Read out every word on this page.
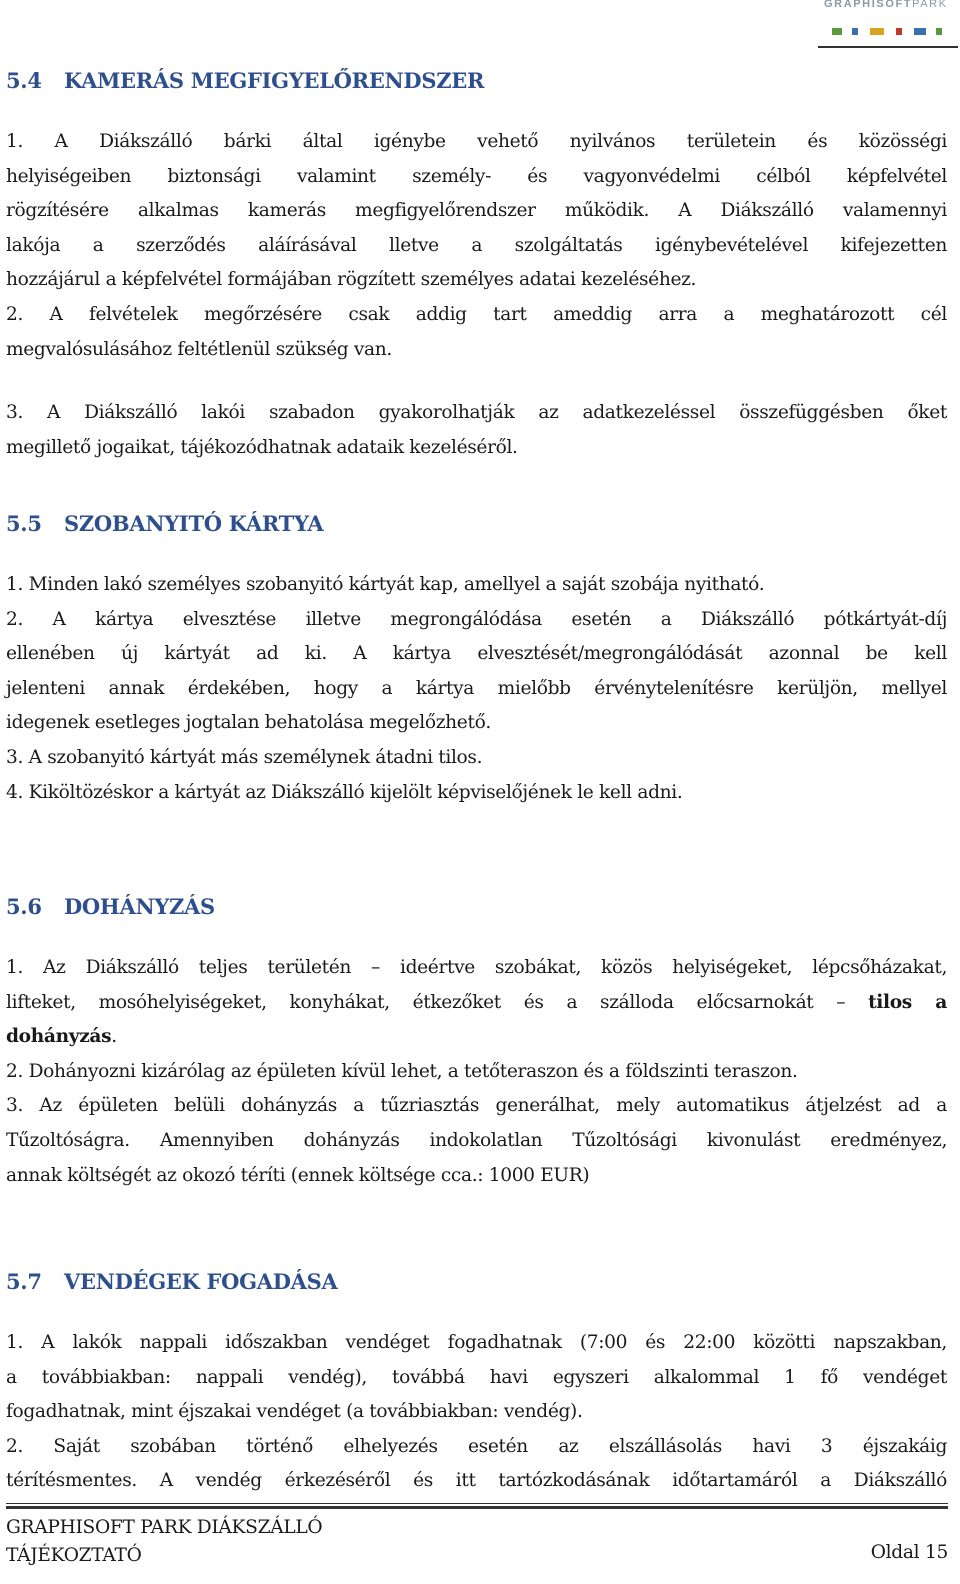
GRAPHISOFTPARK
5.4 KAMERÁS MEGFIGYELŐRENDSZER
1. A Diákszálló bárki által igénybe vehető nyilvános területein és közösségi
helyiségeiben biztonsági valamint személy- és vagyonvédelmi célból képfelvétel
rögzítésére alkalmas kamerás megfigyelőrendszer működik. A Diákszálló valamennyi
lakója a szerződés aláírásával lletve a szolgáltatás igénybevételével kifejezetten
hozzájárul a képfelvétel formájában rögzített személyes adatai kezeléséhez.
2. A felvételek megőrzésére csak addig tart ameddig arra a meghatározott cél
megvalósulásához feltétlenül szükség van.
3. A Diákszálló lakói szabadon gyakorolhatják az adatkezeléssel összefüggésben őket
megillető jogaikat, tájékozódhatnak adataik kezeléséről.
5.5 SZOBANYITÓ KÁRTYA
1. Minden lakó személyes szobanyitó kártyát kap, amellyel a saját szobája nyitható.
2. A kártya elvesztése illetve megrongálódása esetén a Diákszálló pótkártyát-díj
ellenében új kártyát ad ki. A kártya elvesztését/megrongálódását azonnal be kell
jelenteni annak érdekében, hogy a kártya mielőbb érvénytelenítésre kerüljön, mellyel
idegenek esetleges jogtalan behatolása megelőzhető.
3. A szobanyitó kártyát más személynek átadni tilos.
4. Kiköltözéskor a kártyát az Diákszálló kijelölt képviselőjének le kell adni.
5.6 DOHÁNYZÁS
1. Az Diákszálló teljes területén – ideértve szobákat, közös helyiségeket, lépcsőházakat,
lifteket, mosóhelyiségeket, konyhákat, étkezőket és a szálloda előcsarnokát – tilos a
dohányzás.
2. Dohányozni kizárólag az épületen kívül lehet, a tetőteraszon és a földszinti teraszon.
3. Az épületen belüli dohányzás a tűzriasztás generálhat, mely automatikus átjelzést ad a
Tűzoltóságra. Amennyiben dohányzás indokolatlan Tűzoltósági kivonulást eredményez,
annak költségét az okozó téríti (ennek költsége cca.: 1000 EUR)
5.7 VENDÉGEK FOGADÁSA
1. A lakók nappali időszakban vendéget fogadhatnak (7:00 és 22:00 közötti napszakban,
a továbbiakban: nappali vendég), továbbá havi egyszeri alkalommal 1 fő vendéget
fogadhatnak, mint éjszakai vendéget (a továbbiakban: vendég).
2. Saját szobában történő elhelyezés esetén az elszállásolás havi 3 éjszakáig
térítésmentes. A vendég érkezéséről és itt tartózkodásának időtartamáról a Diákszálló
GRAPHISOFT PARK DIÁKSZÁLLÓ
TÁJÉKOZTATÓ	Oldal 15
